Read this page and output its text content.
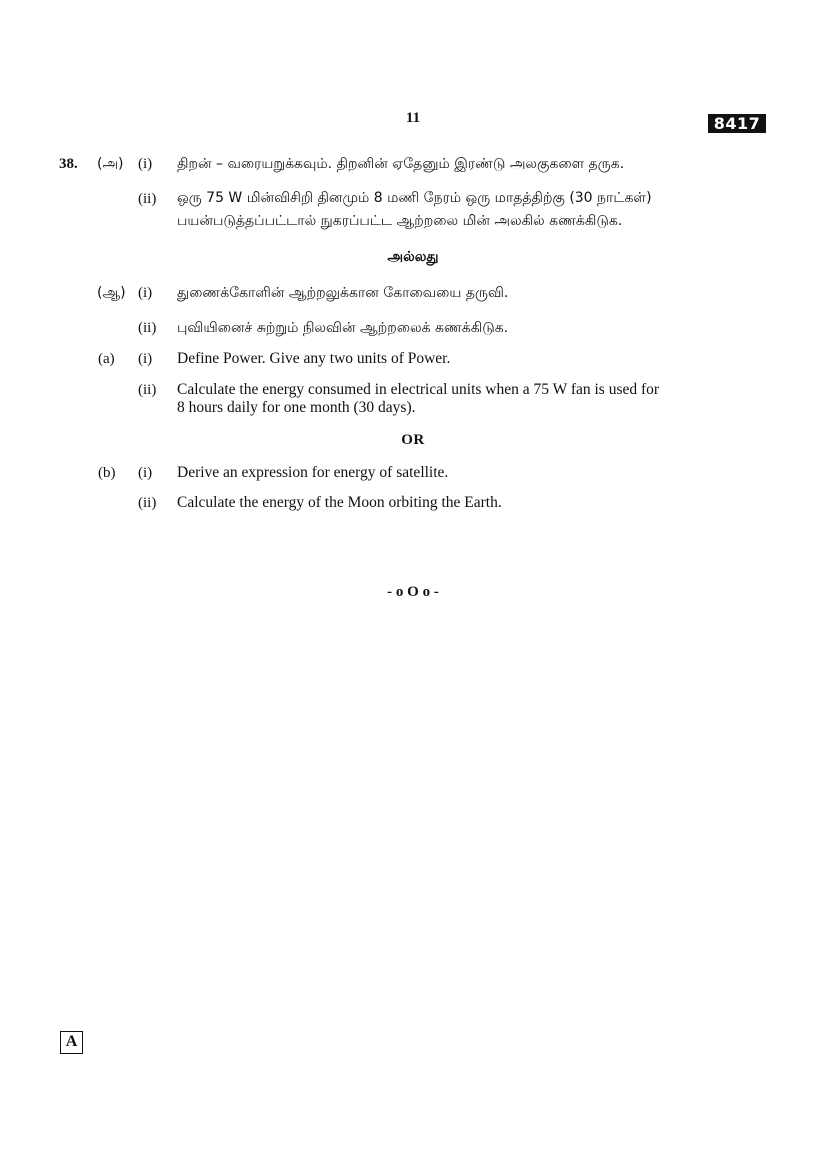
11	8417
38. (அ) (i) திறன் – வரையறுக்கவும். திறனின் ஏதேனும் இரண்டு அலகுகளை தருக.
(ii) ஒரு 75 W மின்விசிறி தினமும் 8 மணி நேரம் ஒரு மாதத்திற்கு (30 நாட்கள்)
பயன்படுத்தப்பட்டால் நுகரப்பட்ட ஆற்றலை மின் அலகில் கணக்கிடுக.
அல்லது
(ஆ) (i) துணைக்கோளின் ஆற்றலுக்கான கோவையை தருவி.
(ii) புவியினைச் சுற்றும் நிலவின் ஆற்றலைக் கணக்கிடுக.
(a) (i) Define Power. Give any two units of Power.
(ii) Calculate the energy consumed in electrical units when a 75 W fan is used for
8 hours daily for one month (30 days).
OR
(b) (i) Derive an expression for energy of satellite.
(ii) Calculate the energy of the Moon orbiting the Earth.
- o O o -
A
